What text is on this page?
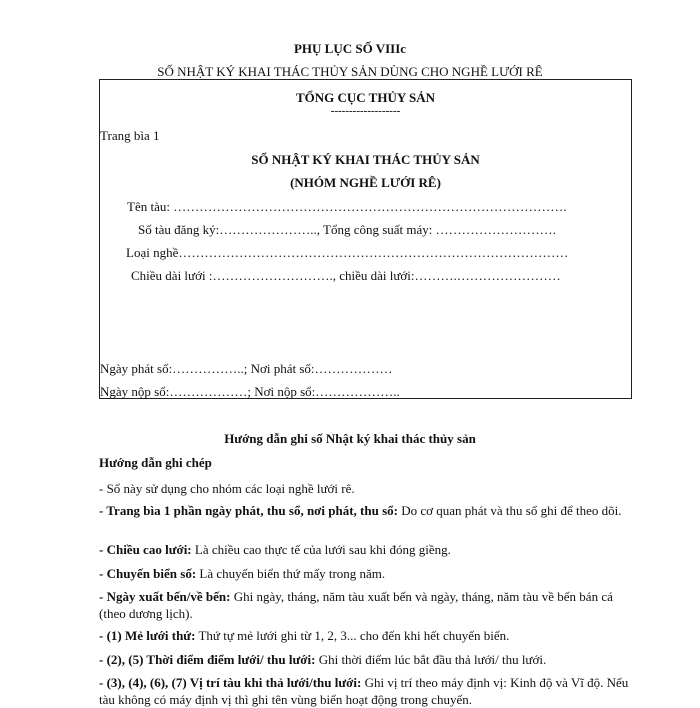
PHỤ LỤC SỐ VIIIc
SỔ NHẬT KÝ KHAI THÁC THỦY SẢN DÙNG CHO NGHỀ LƯỚI RÊ
TỔNG CỤC THỦY SẢN
-------------------
Trang bìa 1
SỔ NHẬT KÝ KHAI THÁC THỦY SẢN
(NHÓM NGHỀ LƯỚI RÊ)
Tên tàu: ……………………………………………………………………………….
Số tàu đăng ký:………………….., Tổng công suất máy: ……………………….
Loại nghề………………………………………………………………………………
Chiều dài lưới :………………………., chiều dài lưới:……….……………………
Ngày phát số:……………..; Nơi phát số:………………
Ngày nộp sổ:………………; Nơi nộp sổ:………………..
Hướng dẫn ghi số Nhật ký khai thác thủy sản
Hướng dẫn ghi chép
- Sổ này sử dụng cho nhóm các loại nghề lưới rê.
- Trang bìa 1 phần ngày phát, thu sổ, nơi phát, thu sổ: Do cơ quan phát và thu sổ ghi để theo dõi.
- Chiều cao lưới: Là chiều cao thực tế của lưới sau khi đóng giềng.
- Chuyến biển số: Là chuyến biển thứ mấy trong năm.
- Ngày xuất bến/về bến: Ghi ngày, tháng, năm tàu xuất bến và ngày, tháng, năm tàu về bến bán cá (theo dương lịch).
- (1) Mẻ lưới thứ: Thứ tự mẻ lưới ghi từ 1, 2, 3... cho đến khi hết chuyến biển.
- (2), (5) Thời điểm điểm lưới/ thu lưới: Ghi thời điểm lúc bắt đầu thả lưới/ thu lưới.
- (3), (4), (6), (7) Vị trí tàu khi thả lưới/thu lưới: Ghi vị trí theo máy định vị: Kinh độ và Vĩ độ. Nếu tàu không có máy định vị thì ghi tên vùng biển hoạt động trong chuyến.
